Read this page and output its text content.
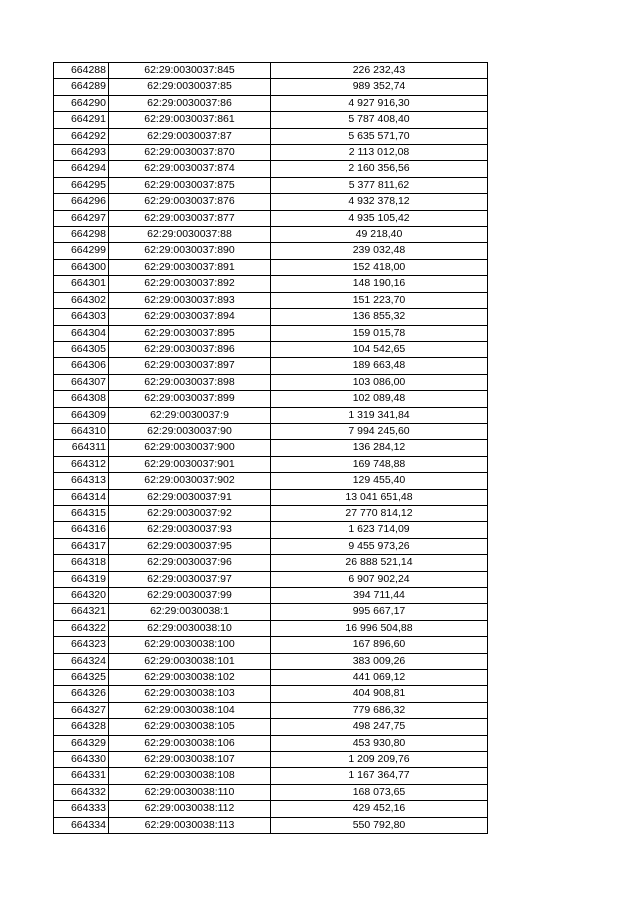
664288	62:29:0030037:845	226 232,43
664289	62:29:0030037:85	989 352,74
664290	62:29:0030037:86	4 927 916,30
664291	62:29:0030037:861	5 787 408,40
664292	62:29:0030037:87	5 635 571,70
664293	62:29:0030037:870	2 113 012,08
664294	62:29:0030037:874	2 160 356,56
664295	62:29:0030037:875	5 377 811,62
664296	62:29:0030037:876	4 932 378,12
664297	62:29:0030037:877	4 935 105,42
664298	62:29:0030037:88	49 218,40
664299	62:29:0030037:890	239 032,48
664300	62:29:0030037:891	152 418,00
664301	62:29:0030037:892	148 190,16
664302	62:29:0030037:893	151 223,70
664303	62:29:0030037:894	136 855,32
664304	62:29:0030037:895	159 015,78
664305	62:29:0030037:896	104 542,65
664306	62:29:0030037:897	189 663,48
664307	62:29:0030037:898	103 086,00
664308	62:29:0030037:899	102 089,48
664309	62:29:0030037:9	1 319 341,84
664310	62:29:0030037:90	7 994 245,60
664311	62:29:0030037:900	136 284,12
664312	62:29:0030037:901	169 748,88
664313	62:29:0030037:902	129 455,40
664314	62:29:0030037:91	13 041 651,48
664315	62:29:0030037:92	27 770 814,12
664316	62:29:0030037:93	1 623 714,09
664317	62:29:0030037:95	9 455 973,26
664318	62:29:0030037:96	26 888 521,14
664319	62:29:0030037:97	6 907 902,24
664320	62:29:0030037:99	394 711,44
664321	62:29:0030038:1	995 667,17
664322	62:29:0030038:10	16 996 504,88
664323	62:29:0030038:100	167 896,60
664324	62:29:0030038:101	383 009,26
664325	62:29:0030038:102	441 069,12
664326	62:29:0030038:103	404 908,81
664327	62:29:0030038:104	779 686,32
664328	62:29:0030038:105	498 247,75
664329	62:29:0030038:106	453 930,80
664330	62:29:0030038:107	1 209 209,76
664331	62:29:0030038:108	1 167 364,77
664332	62:29:0030038:110	168 073,65
664333	62:29:0030038:112	429 452,16
664334	62:29:0030038:113	550 792,80
